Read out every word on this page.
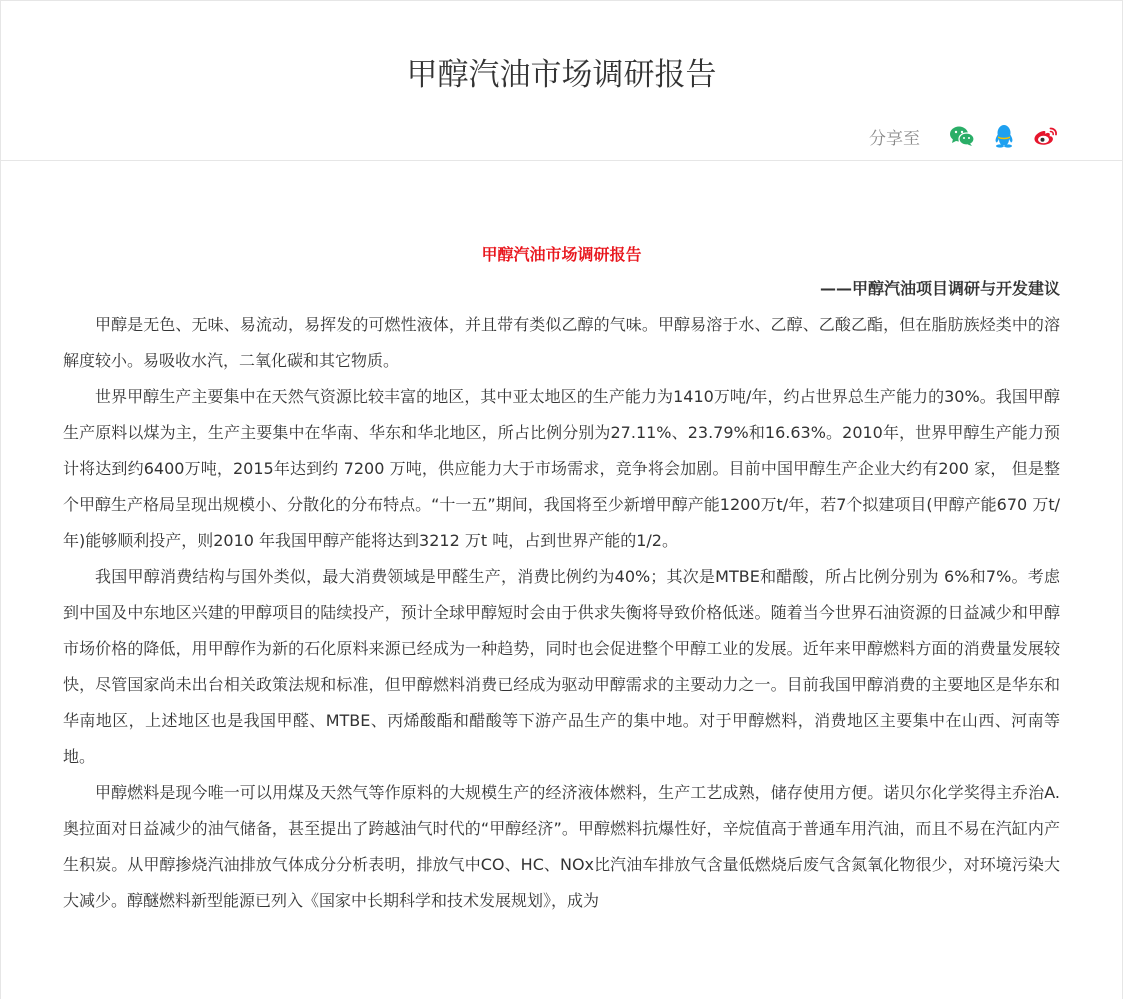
甲醇汽油市场调研报告
分享至

甲醇汽油市场调研报告

——甲醇汽油项目调研与开发建议

甲醇是无色、无味、易流动，易挥发的可燃性液体，并且带有类似乙醇的气味。甲醇易溶于水、乙醇、乙酸乙酯，但在脂肪族烃类中的溶解度较小。易吸收水汽，二氧化碳和其它物质。

世界甲醇生产主要集中在天然气资源比较丰富的地区，其中亚太地区的生产能力为1410万吨/年，约占世界总生产能力的30%。我国甲醇生产原料以煤为主，生产主要集中在华南、华东和华北地区，所占比例分别为27.11%、23.79%和16.63%。2010年，世界甲醇生产能力预计将达到约6400万吨，2015年达到约 7200 万吨，供应能力大于市场需求，竞争将会加剧。目前中国甲醇生产企业大约有200 家， 但是整个甲醇生产格局呈现出规模小、分散化的分布特点。“十一五”期间，我国将至少新增甲醇产能1200万t/年，若7个拟建项目(甲醇产能670 万t/年)能够顺利投产，则2010 年我国甲醇产能将达到3212 万t 吨，占到世界产能的1/2。

我国甲醇消费结构与国外类似，最大消费领域是甲醛生产，消费比例约为40%；其次是MTBE和醋酸，所占比例分别为 6%和7%。考虑到中国及中东地区兴建的甲醇项目的陆续投产，预计全球甲醇短时会由于供求失衡将导致价格低迷。随着当今世界石油资源的日益减少和甲醇市场价格的降低，用甲醇作为新的石化原料来源已经成为一种趋势，同时也会促进整个甲醇工业的发展。近年来甲醇燃料方面的消费量发展较快，尽管国家尚未出台相关政策法规和标准，但甲醇燃料消费已经成为驱动甲醇需求的主要动力之一。目前我国甲醇消费的主要地区是华东和华南地区，上述地区也是我国甲醛、MTBE、丙烯酸酯和醋酸等下游产品生产的集中地。对于甲醇燃料，消费地区主要集中在山西、河南等地。

甲醇燃料是现今唯一可以用煤及天然气等作原料的大规模生产的经济液体燃料，生产工艺成熟，储存使用方便。诺贝尔化学奖得主乔治A.奥拉面对日益减少的油气储备，甚至提出了跨越油气时代的“甲醇经济”。甲醇燃料抗爆性好，辛烷值高于普通车用汽油，而且不易在汽缸内产生积炭。从甲醇掺烧汽油排放气体成分分析表明，排放气中CO、HC、NOx比汽油车排放气含量低燃烧后废气含氮氧化物很少，对环境污染大大减少。醇醚燃料新型能源已列入《国家中长期科学和技术发展规划》，成为
